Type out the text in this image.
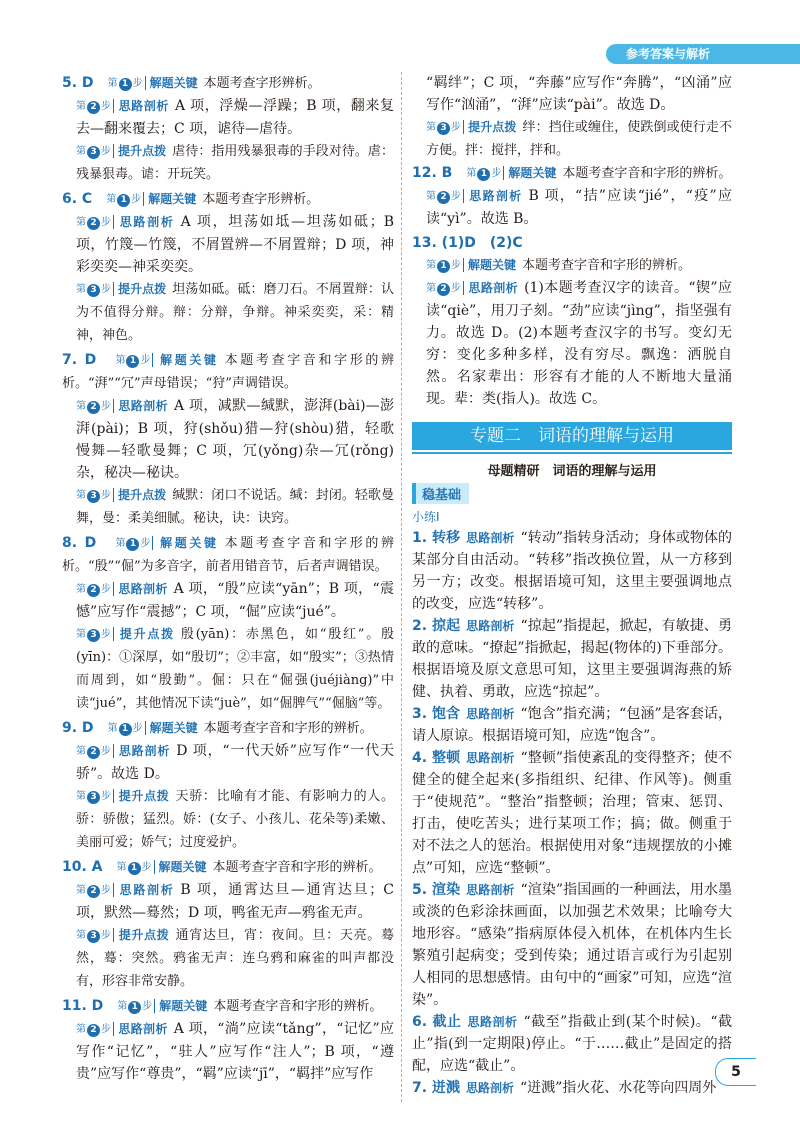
参考答案与解析

5. D　 第 1 步 解题关键 本题考查字形辨析。

第 2 步 思路剖析 A 项，浮燥—浮躁；B 项，翻来复去—翻来覆去；C 项，谑待—虐待。

第 3 步 提升点拨 虐待：指用残暴狠毒的手段对待。虐：残暴狠毒。谑：开玩笑。

6. C　 第 1 步 解题关键 本题考查字形辨析。

第 2 步 思路剖析 A 项，坦荡如坻—坦荡如砥；B 项，竹篾—竹篾，不屑置辨—不屑置辩；D 项，神彩奕奕—神采奕奕。

第 3 步 提升点拨 坦荡如砥。砥：磨刀石。不屑置辩：认为不值得分辩。辩：分辩，争辩。神采奕奕，采：精神，神色。

7. D　 第 1 步 解题关键 本题考查字音和字形的辨析。“湃”“冗”声母错误；“狩”声调错误。

第 2 步 思路剖析 A 项，减默—缄默，澎湃(bài)—澎湃(pài)；B 项，狩(shǒu)猎—狩(shòu)猎，轻歌慢舞—轻歌曼舞；C 项，冗(yǒng)杂—冗(rǒng)杂，秘决—秘诀。

第 3 步 提升点拨 缄默：闭口不说话。缄：封闭。轻歌曼舞，曼：柔美细腻。秘诀，诀：诀窍。

8. D　 第 1 步 解题关键 本题考查字音和字形的辨析。“殷”“倔”为多音字，前者用错音节，后者声调错误。

第 2 步 思路剖析 A 项，“殷”应读“yān”；B 项，“震憾”应写作“震撼”；C 项，“倔”应读“jué”。

第 3 步 提升点拨 殷(yān)：赤黑色，如“殷红”。殷(yīn)：①深厚，如“殷切”；②丰富，如“殷实”；③热情而周到，如“殷勤”。倔：只在“倔强(juéjiàng)”中读“jué”，其他情况下读“juè”，如“倔脾气”“倔脑”等。

9. D　 第 1 步 解题关键 本题考查字音和字形的辨析。

第 2 步 思路剖析 D 项，“一代天娇”应写作“一代天骄”。故选 D。

第 3 步 提升点拨 天骄：比喻有才能、有影响力的人。骄：骄傲；猛烈。娇：(女子、小孩儿、花朵等)柔嫩、美丽可爱；娇气；过度爱护。

10. A　 第 1 步 解题关键 本题考查字音和字形的辨析。

第 2 步 思路剖析 B 项，通霄达旦—通宵达旦；C 项，默然—蓦然；D 项，鸭雀无声—鸦雀无声。

第 3 步 提升点拨 通宵达旦，宵：夜间。旦：天亮。蓦然，蓦：突然。鸦雀无声：连乌鸦和麻雀的叫声都没有，形容非常安静。

11. D　 第 1 步 解题关键 本题考查字音和字形的辨析。

第 2 步 思路剖析 A 项，“淌”应读“tǎng”，“记忆”应写作“记忆”，“驻人”应写作“注人”；B 项，“遵贵”应写作“尊贵”，“羁”应读“jī”，“羁拌”应写作

“羁绊”；C 项，“奔藤”应写作“奔腾”，“凶涌”应写作“汹涌”，“湃”应读“pài”。故选 D。

第 3 步 提升点拨 绊：挡住或缠住，使跌倒或使行走不方便。拌：搅拌，拌和。

12. B　 第 1 步 解题关键 本题考查字音和字形的辨析。

第 2 步 思路剖析 B 项，“拮”应读“jié”，“疫”应读“yì”。故选 B。

13. (1)D　(2)C

第 1 步 解题关键 本题考查字音和字形的辨析。

第 2 步 思路剖析 (1)本题考查汉字的读音。“锲”应读“qiè”，用刀子刻。“劲”应读“jìng”，指坚强有力。故选 D。(2)本题考查汉字的书写。变幻无穷：变化多种多样，没有穷尽。飘逸：洒脱自然。名家辈出：形容有才能的人不断地大量涌现。辈：类(指人)。故选 C。

专题二　词语的理解与运用
母题精研　词语的理解与运用
稳基础
小练Ⅰ

1. 转移 思路剖析 “转动”指转身活动；身体或物体的某部分自由活动。“转移”指改换位置，从一方移到另一方；改变。根据语境可知，这里主要强调地点的改变，应选“转移”。

2. 掠起 思路剖析 “掠起”指提起，掀起，有敏捷、勇敢的意味。“撩起”指掀起，揭起(物体的)下垂部分。根据语境及原文意思可知，这里主要强调海燕的矫健、执着、勇敢，应选“掠起”。

3. 饱含 思路剖析 “饱含”指充满；“包涵”是客套话，请人原谅。根据语境可知，应选“饱含”。

4. 整顿 思路剖析 “整顿”指使紊乱的变得整齐；使不健全的健全起来(多指组织、纪律、作风等)。侧重于“使规范”。“整治”指整顿；治理；管束、惩罚、打击，使吃苦头；进行某项工作；搞；做。侧重于对不法之人的惩治。根据使用对象“违规摆放的小摊点”可知，应选“整顿”。

5. 渲染 思路剖析 “渲染”指国画的一种画法，用水墨或淡的色彩涂抹画面，以加强艺术效果；比喻夸大地形容。“感染”指病原体侵入机体，在机体内生长繁殖引起病变；受到传染；通过语言或行为引起别人相同的思想感情。由句中的“画家”可知，应选“渲染”。

6. 截止 思路剖析 “截至”指截止到(某个时候)。“截止”指(到一定期限)停止。“于……截止”是固定的搭配，应选“截止”。

7. 迸溅 思路剖析 “迸溅”指火花、水花等向四周外

5
